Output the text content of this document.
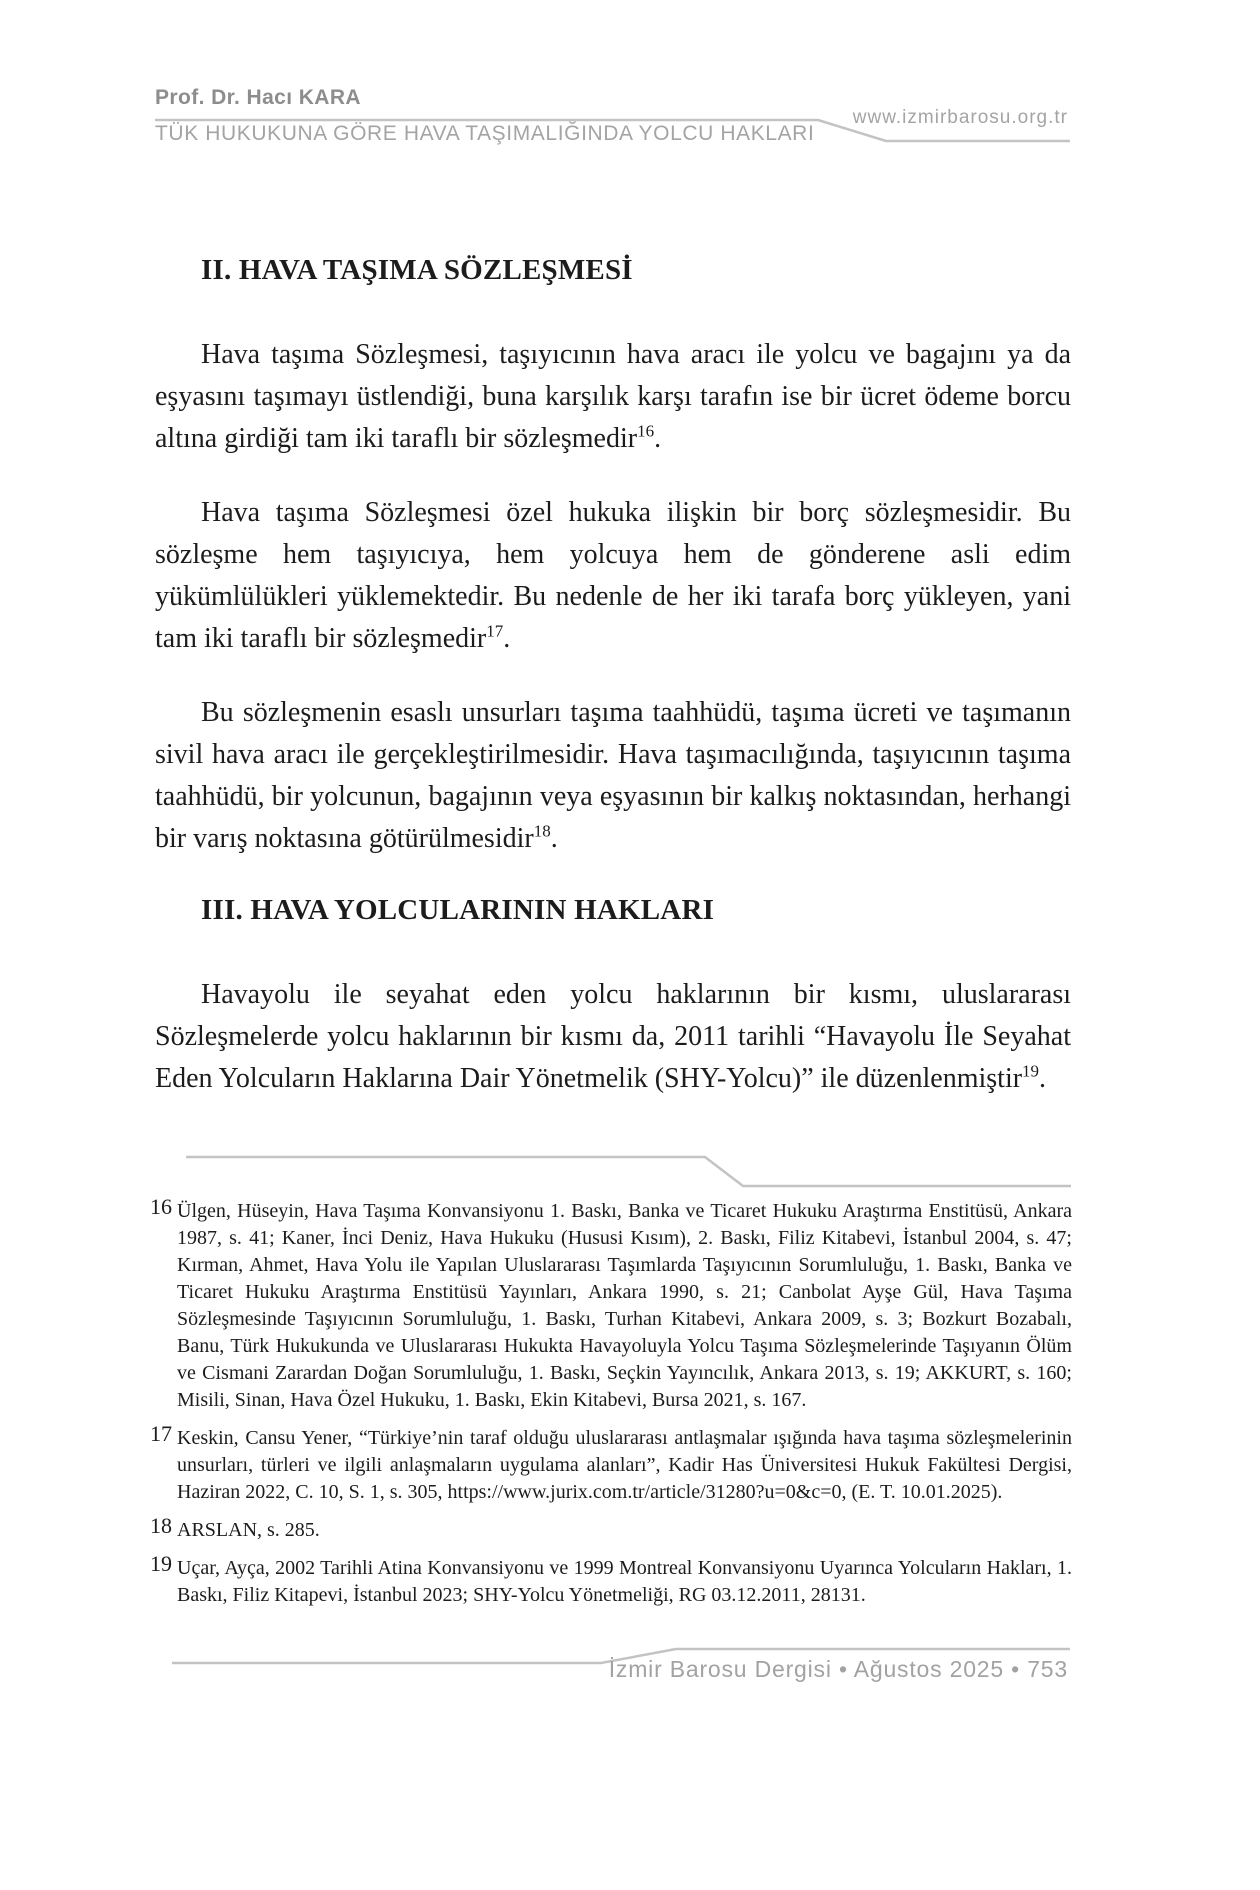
Prof. Dr. Hacı KARA
www.izmirbarosu.org.tr
TÜK HUKUKUNA GÖRE HAVA TAŞIMALIĞINDA YOLCU HAKLARI
II. HAVA TAŞIMA SÖZLEŞMESİ

Hava taşıma Sözleşmesi, taşıyıcının hava aracı ile yolcu ve bagajını ya da eşyasını taşımayı üstlendiği, buna karşılık karşı tarafın ise bir ücret ödeme borcu altına girdiği tam iki taraflı bir sözleşmedir$^{16}$.

Hava taşıma Sözleşmesi özel hukuka ilişkin bir borç sözleşmesidir. Bu sözleşme hem taşıyıcıya, hem yolcuya hem de gönderene asli edim yükümlülükleri yüklemektedir. Bu nedenle de her iki tarafa borç yükleyen, yani tam iki taraflı bir sözleşmedir$^{17}$.

Bu sözleşmenin esaslı unsurları taşıma taahhüdü, taşıma ücreti ve taşımanın sivil hava aracı ile gerçekleştirilmesidir. Hava taşımacılığında, taşıyıcının taşıma taahhüdü, bir yolcunun, bagajının veya eşyasının bir kalkış noktasından, herhangi bir varış noktasına götürülmesidir$^{18}$.

III. HAVA YOLCULARININ HAKLARI

Havayolu ile seyahat eden yolcu haklarının bir kısmı, uluslararası Sözleşmelerde yolcu haklarının bir kısmı da, 2011 tarihli “Havayolu İle Seyahat Eden Yolcuların Haklarına Dair Yönetmelik (SHY-Yolcu)” ile düzenlenmiştir$^{19}$.

16 Ülgen, Hüseyin, Hava Taşıma Konvansiyonu 1. Baskı, Banka ve Ticaret Hukuku Araştırma Enstitüsü, Ankara 1987, s. 41; Kaner, İnci Deniz, Hava Hukuku (Hususi Kısım), 2. Baskı, Filiz Kitabevi, İstanbul 2004, s. 47; Kırman, Ahmet, Hava Yolu ile Yapılan Uluslararası Taşımlarda Taşıyıcının Sorumluluğu, 1. Baskı, Banka ve Ticaret Hukuku Araştırma Enstitüsü Yayınları, Ankara 1990, s. 21; Canbolat Ayşe Gül, Hava Taşıma Sözleşmesinde Taşıyıcının Sorumluluğu, 1. Baskı, Turhan Kitabevi, Ankara 2009, s. 3; Bozkurt Bozabalı, Banu, Türk Hukukunda ve Uluslararası Hukukta Havayoluyla Yolcu Taşıma Sözleşmelerinde Taşıyanın Ölüm ve Cismani Zarardan Doğan Sorumluluğu, 1. Baskı, Seçkin Yayıncılık, Ankara 2013, s. 19; AKKURT, s. 160; Misili, Sinan, Hava Özel Hukuku, 1. Baskı, Ekin Kitabevi, Bursa 2021, s. 167.
17 Keskin, Cansu Yener, “Türkiye’nin taraf olduğu uluslararası antlaşmalar ışığında hava taşıma sözleşmelerinin unsurları, türleri ve ilgili anlaşmaların uygulama alanları”, Kadir Has Üniversitesi Hukuk Fakültesi Dergisi, Haziran 2022, C. 10, S. 1, s. 305, https://www.jurix.com.tr/article/31280?u=0&c=0, (E. T. 10.01.2025).
18 ARSLAN, s. 285.
19 Uçar, Ayça, 2002 Tarihli Atina Konvansiyonu ve 1999 Montreal Konvansiyonu Uyarınca Yolcuların Hakları, 1. Baskı, Filiz Kitapevi, İstanbul 2023; SHY-Yolcu Yönetmeliği, RG 03.12.2011, 28131.
İzmir Barosu Dergisi • Ağustos 2025 • 753
